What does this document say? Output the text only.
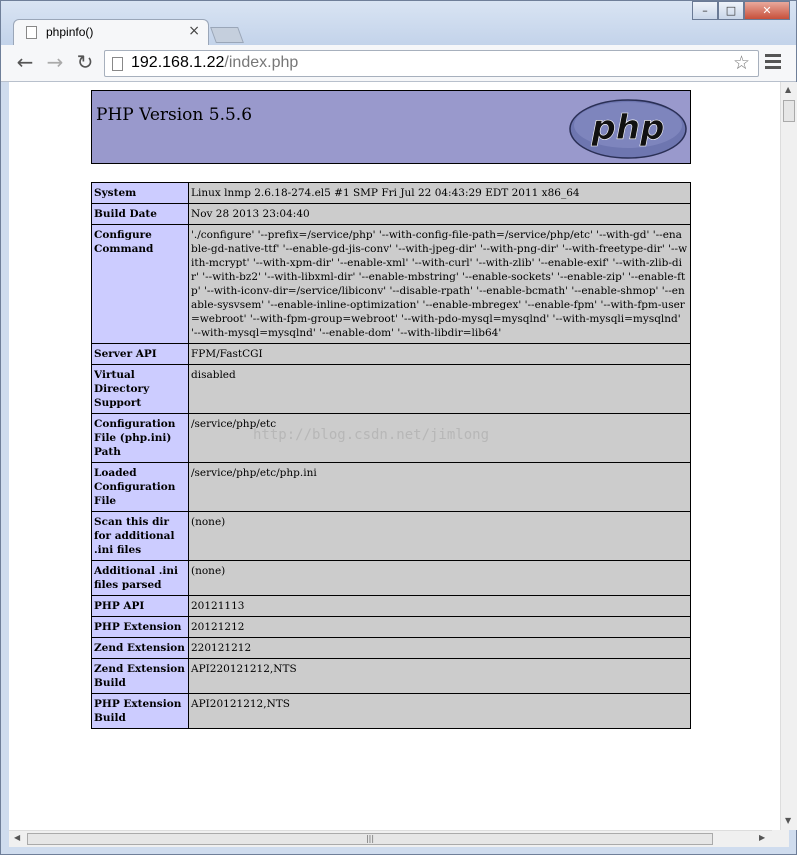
phpinfo()	×
–	□	✕
← → ↻ 192.168.1.22/index.php	☆
PHP Version 5.5.6	php
System	Linux lnmp 2.6.18-274.el5 #1 SMP Fri Jul 22 04:43:29 EDT 2011 x86_64
Build Date	Nov 28 2013 23:04:40
Configure Command	'./configure' '--prefix=/service/php' '--with-config-file-path=/service/php/etc' '--with-gd' '--enable-gd-native-ttf' '--enable-gd-jis-conv' '--with-jpeg-dir' '--with-png-dir' '--with-freetype-dir' '--with-mcrypt' '--with-xpm-dir' '--enable-xml' '--with-curl' '--with-zlib' '--enable-exif' '--with-zlib-dir' '--with-bz2' '--with-libxml-dir' '--enable-mbstring' '--enable-sockets' '--enable-zip' '--enable-ftp' '--with-iconv-dir=/service/libiconv' '--disable-rpath' '--enable-bcmath' '--enable-shmop' '--enable-sysvsem' '--enable-inline-optimization' '--enable-mbregex' '--enable-fpm' '--with-fpm-user=webroot' '--with-fpm-group=webroot' '--with-pdo-mysql=mysqlnd' '--with-mysqli=mysqlnd' '--with-mysql=mysqlnd' '--enable-dom' '--with-libdir=lib64'
Server API	FPM/FastCGI
Virtual Directory Support	disabled
Configuration File (php.ini) Path	/service/php/etc
Loaded Configuration File	/service/php/etc/php.ini
Scan this dir for additional .ini files	(none)
Additional .ini files parsed	(none)
PHP API	20121113
PHP Extension	20121212
Zend Extension	220121212
Zend Extension Build	API220121212,NTS
PHP Extension Build	API20121212,NTS
http://blog.csdn.net/jimlong
▲
▼
◀	|||	▶
